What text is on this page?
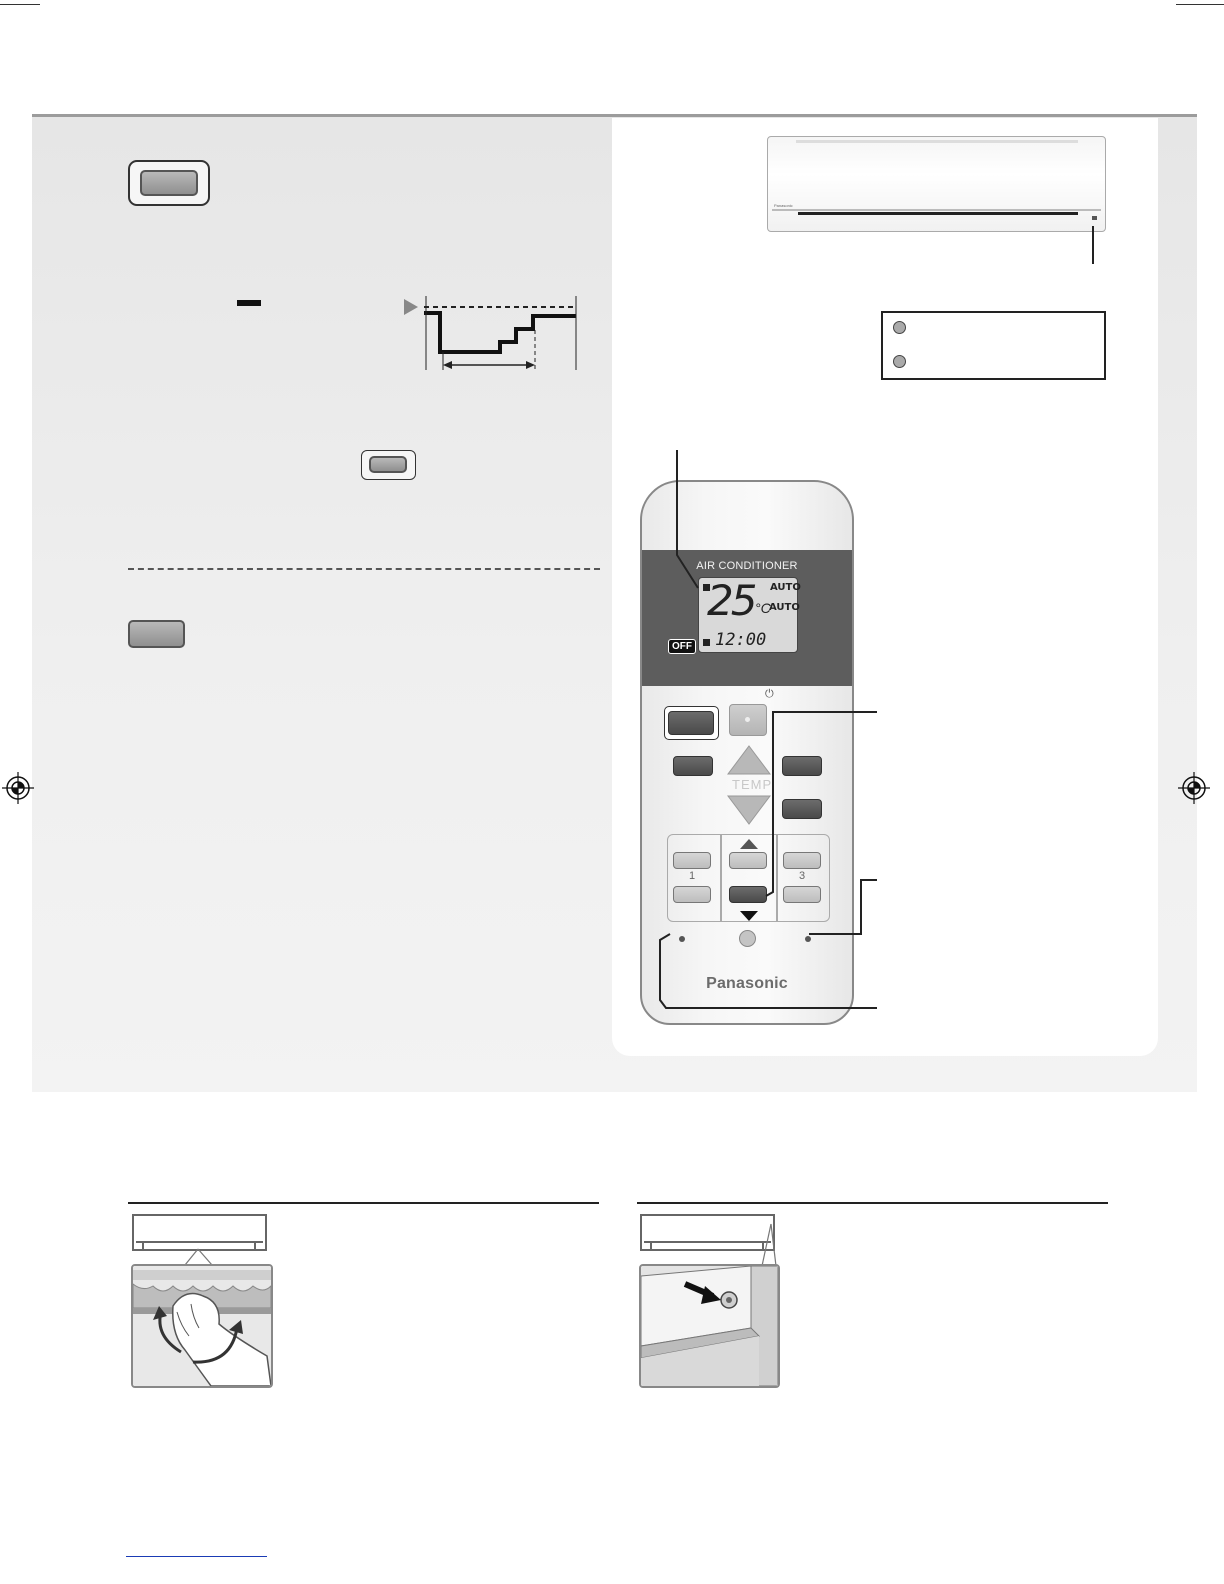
Panasonic
AIR CONDITIONER
25 °C
AUTO
AUTO
12:00
OFF
⏻
TEMP
1	3
Panasonic
